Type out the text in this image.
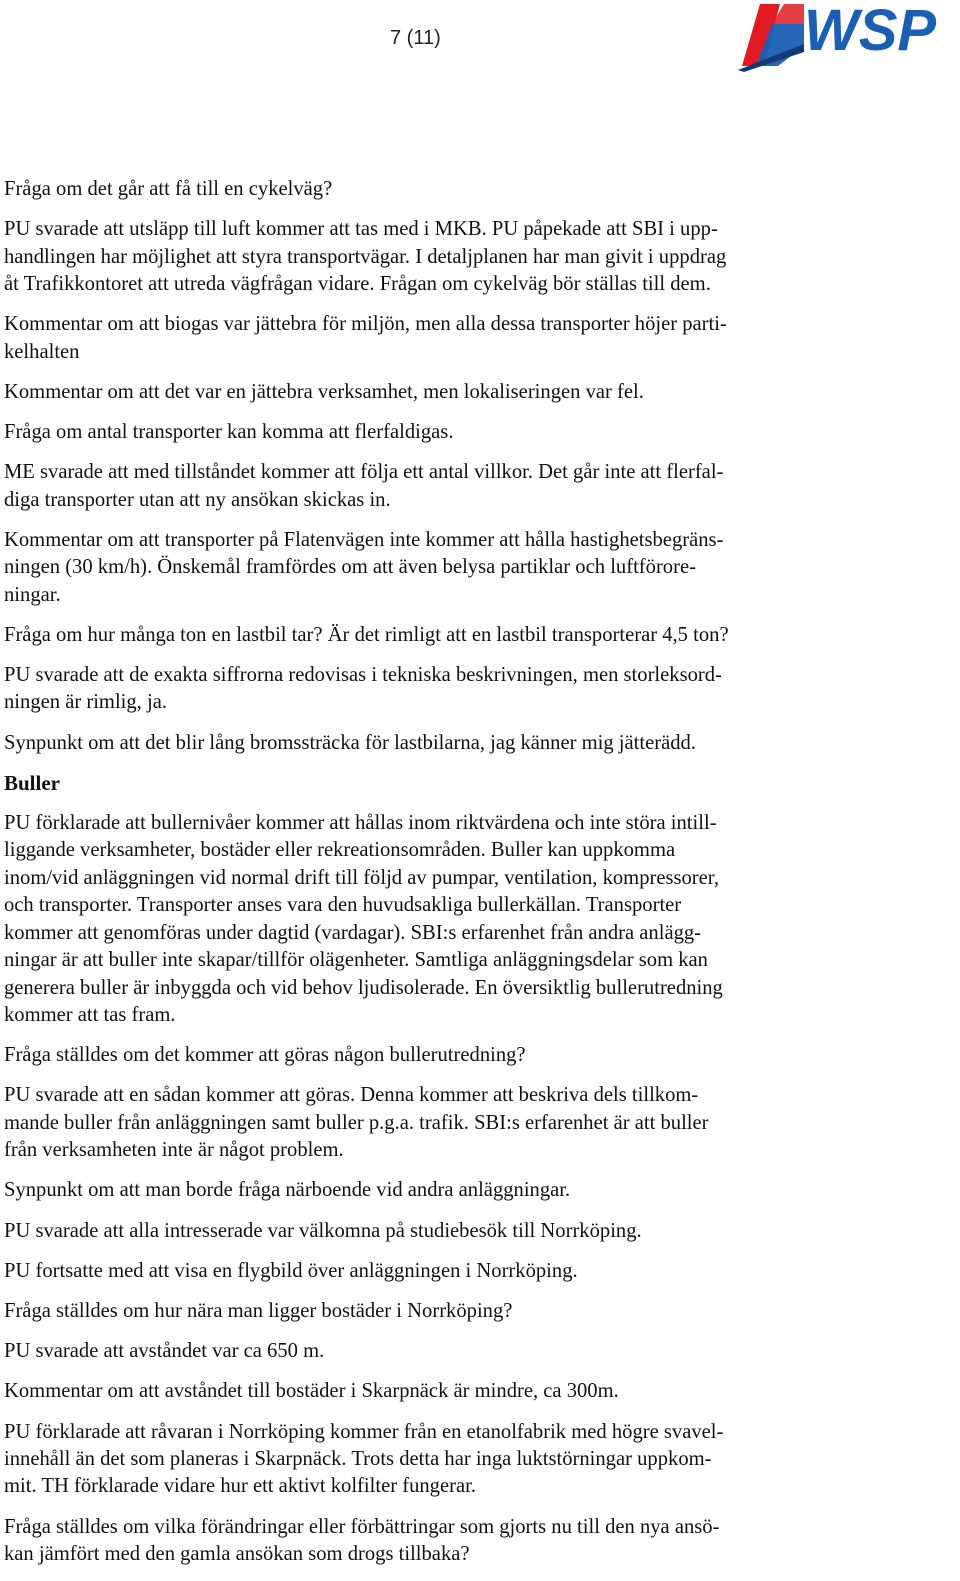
7 (11)	WSP

Fråga om det går att få till en cykelväg?

PU svarade att utsläpp till luft kommer att tas med i MKB. PU påpekade att SBI i upp-
handlingen har möjlighet att styra transportvägar. I detaljplanen har man givit i uppdrag
åt Trafikkontoret att utreda vägfrågan vidare. Frågan om cykelväg bör ställas till dem.

Kommentar om att biogas var jättebra för miljön, men alla dessa transporter höjer parti-
kelhalten

Kommentar om att det var en jättebra verksamhet, men lokaliseringen var fel.

Fråga om antal transporter kan komma att flerfaldigas.

ME svarade att med tillståndet kommer att följa ett antal villkor. Det går inte att flerfal-
diga transporter utan att ny ansökan skickas in.

Kommentar om att transporter på Flatenvägen inte kommer att hålla hastighetsbegräns-
ningen (30 km/h). Önskemål framfördes om att även belysa partiklar och luftförore-
ningar.

Fråga om hur många ton en lastbil tar? Är det rimligt att en lastbil transporterar 4,5 ton?

PU svarade att de exakta siffrorna redovisas i tekniska beskrivningen, men storleksord-
ningen är rimlig, ja.

Synpunkt om att det blir lång bromssträcka för lastbilarna, jag känner mig jätterädd.

Buller

PU förklarade att bullernivåer kommer att hållas inom riktvärdena och inte störa intill-
liggande verksamheter, bostäder eller rekreationsområden. Buller kan uppkomma
inom/vid anläggningen vid normal drift till följd av pumpar, ventilation, kompressorer,
och transporter. Transporter anses vara den huvudsakliga bullerkällan. Transporter
kommer att genomföras under dagtid (vardagar). SBI:s erfarenhet från andra anlägg-
ningar är att buller inte skapar/tillför olägenheter. Samtliga anläggningsdelar som kan
generera buller är inbyggda och vid behov ljudisolerade. En översiktlig bullerutredning
kommer att tas fram.

Fråga ställdes om det kommer att göras någon bullerutredning?

PU svarade att en sådan kommer att göras. Denna kommer att beskriva dels tillkom-
mande buller från anläggningen samt buller p.g.a. trafik. SBI:s erfarenhet är att buller
från verksamheten inte är något problem.

Synpunkt om att man borde fråga närboende vid andra anläggningar.

PU svarade att alla intresserade var välkomna på studiebesök till Norrköping.

PU fortsatte med att visa en flygbild över anläggningen i Norrköping.

Fråga ställdes om hur nära man ligger bostäder i Norrköping?

PU svarade att avståndet var ca 650 m.

Kommentar om att avståndet till bostäder i Skarpnäck är mindre, ca 300m.

PU förklarade att råvaran i Norrköping kommer från en etanolfabrik med högre svavel-
innehåll än det som planeras i Skarpnäck. Trots detta har inga luktstörningar uppkom-
mit. TH förklarade vidare hur ett aktivt kolfilter fungerar.

Fråga ställdes om vilka förändringar eller förbättringar som gjorts nu till den nya ansö-
kan jämfört med den gamla ansökan som drogs tillbaka?
